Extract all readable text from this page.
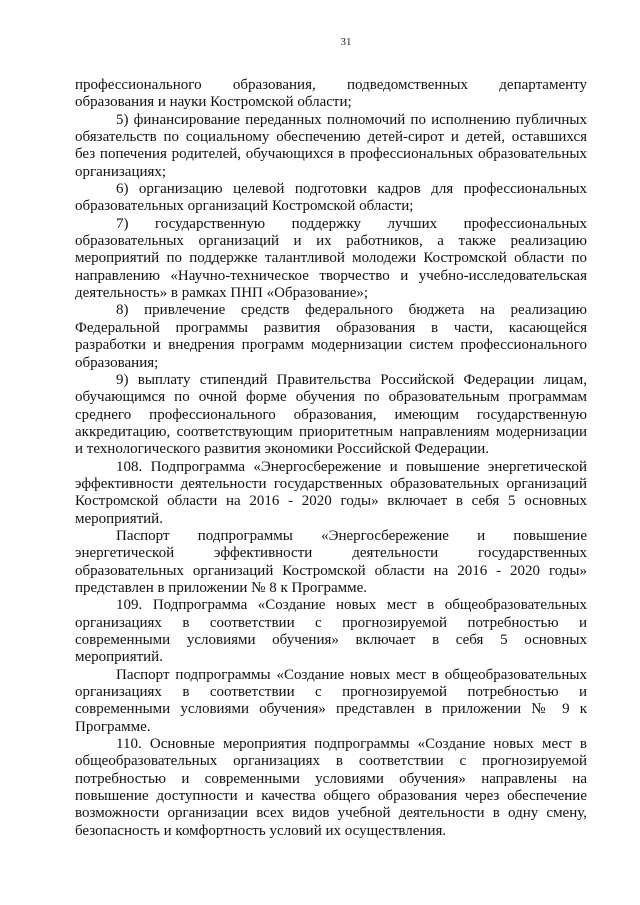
31
профессионального образования, подведомственных департаменту
образования и науки Костромской области;
5) финансирование переданных полномочий по исполнению публичных
обязательств по социальному обеспечению детей-сирот и детей, оставшихся
без попечения родителей, обучающихся в профессиональных образовательных
организациях;
6) организацию целевой подготовки кадров для профессиональных
образовательных организаций Костромской области;
7) государственную поддержку лучших профессиональных
образовательных организаций и их работников, а также реализацию
мероприятий по поддержке талантливой молодежи Костромской области по
направлению «Научно-техническое творчество и учебно-исследовательская
деятельность» в рамках ПНП «Образование»;
8) привлечение средств федерального бюджета на реализацию
Федеральной программы развития образования в части, касающейся
разработки и внедрения программ модернизации систем профессионального
образования;
9) выплату стипендий Правительства Российской Федерации лицам,
обучающимся по очной форме обучения по образовательным программам
среднего профессионального образования, имеющим государственную
аккредитацию, соответствующим приоритетным направлениям модернизации
и технологического развития экономики Российской Федерации.
108. Подпрограмма «Энергосбережение и повышение энергетической
эффективности деятельности государственных образовательных организаций
Костромской области на 2016 - 2020 годы» включает в себя 5 основных
мероприятий.
Паспорт подпрограммы «Энергосбережение и повышение
энергетической эффективности деятельности государственных
образовательных организаций Костромской области на 2016 - 2020 годы»
представлен в приложении № 8 к Программе.
109. Подпрограмма «Создание новых мест в общеобразовательных
организациях в соответствии с прогнозируемой потребностью и
современными условиями обучения» включает в себя 5 основных
мероприятий.
Паспорт подпрограммы «Создание новых мест в общеобразовательных
организациях в соответствии с прогнозируемой потребностью и
современными условиями обучения» представлен в приложении № 9 к
Программе.
110. Основные мероприятия подпрограммы «Создание новых мест в
общеобразовательных организациях в соответствии с прогнозируемой
потребностью и современными условиями обучения» направлены на
повышение доступности и качества общего образования через обеспечение
возможности организации всех видов учебной деятельности в одну смену,
безопасность и комфортность условий их осуществления.
